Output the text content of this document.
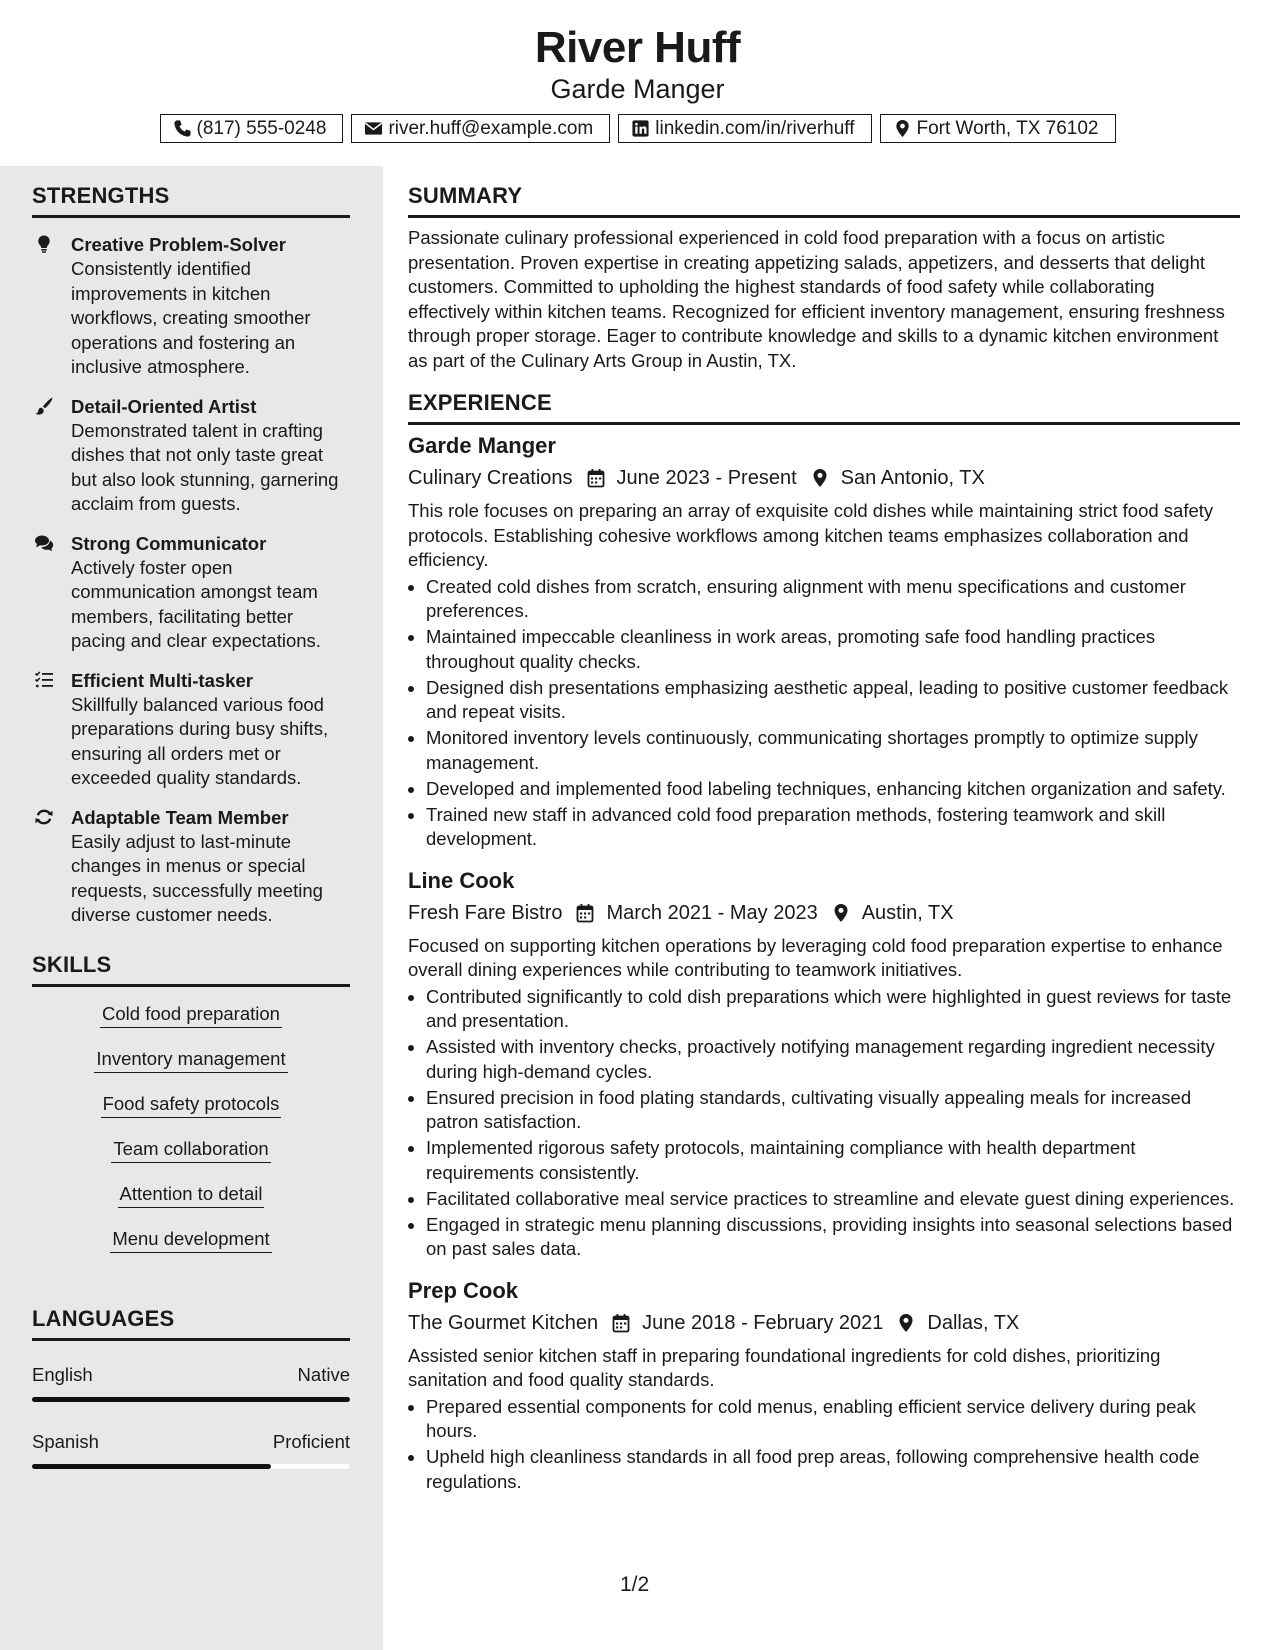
River Huff
Garde Manger
(817) 555-0248	river.huff@example.com	linkedin.com/in/riverhuff	Fort Worth, TX 76102
STRENGTHS
Creative Problem-Solver
Consistently identified improvements in kitchen workflows, creating smoother operations and fostering an inclusive atmosphere.
Detail-Oriented Artist
Demonstrated talent in crafting dishes that not only taste great but also look stunning, garnering acclaim from guests.
Strong Communicator
Actively foster open communication amongst team members, facilitating better pacing and clear expectations.
Efficient Multi-tasker
Skillfully balanced various food preparations during busy shifts, ensuring all orders met or exceeded quality standards.
Adaptable Team Member
Easily adjust to last-minute changes in menus or special requests, successfully meeting diverse customer needs.
SKILLS
Cold food preparation
Inventory management
Food safety protocols
Team collaboration
Attention to detail
Menu development
LANGUAGES
English	Native
Spanish	Proficient
SUMMARY
Passionate culinary professional experienced in cold food preparation with a focus on artistic presentation. Proven expertise in creating appetizing salads, appetizers, and desserts that delight customers. Committed to upholding the highest standards of food safety while collaborating effectively within kitchen teams. Recognized for efficient inventory management, ensuring freshness through proper storage. Eager to contribute knowledge and skills to a dynamic kitchen environment as part of the Culinary Arts Group in Austin, TX.
EXPERIENCE
Garde Manger
Culinary Creations June 2023 - Present San Antonio, TX
This role focuses on preparing an array of exquisite cold dishes while maintaining strict food safety protocols. Establishing cohesive workflows among kitchen teams emphasizes collaboration and efficiency.
• Created cold dishes from scratch, ensuring alignment with menu specifications and customer preferences.
• Maintained impeccable cleanliness in work areas, promoting safe food handling practices throughout quality checks.
• Designed dish presentations emphasizing aesthetic appeal, leading to positive customer feedback and repeat visits.
• Monitored inventory levels continuously, communicating shortages promptly to optimize supply management.
• Developed and implemented food labeling techniques, enhancing kitchen organization and safety.
• Trained new staff in advanced cold food preparation methods, fostering teamwork and skill development.
Line Cook
Fresh Fare Bistro March 2021 - May 2023 Austin, TX
Focused on supporting kitchen operations by leveraging cold food preparation expertise to enhance overall dining experiences while contributing to teamwork initiatives.
• Contributed significantly to cold dish preparations which were highlighted in guest reviews for taste and presentation.
• Assisted with inventory checks, proactively notifying management regarding ingredient necessity during high-demand cycles.
• Ensured precision in food plating standards, cultivating visually appealing meals for increased patron satisfaction.
• Implemented rigorous safety protocols, maintaining compliance with health department requirements consistently.
• Facilitated collaborative meal service practices to streamline and elevate guest dining experiences.
• Engaged in strategic menu planning discussions, providing insights into seasonal selections based on past sales data.
Prep Cook
The Gourmet Kitchen June 2018 - February 2021 Dallas, TX
Assisted senior kitchen staff in preparing foundational ingredients for cold dishes, prioritizing sanitation and food quality standards.
• Prepared essential components for cold menus, enabling efficient service delivery during peak hours.
• Upheld high cleanliness standards in all food prep areas, following comprehensive health code regulations.
1/2
